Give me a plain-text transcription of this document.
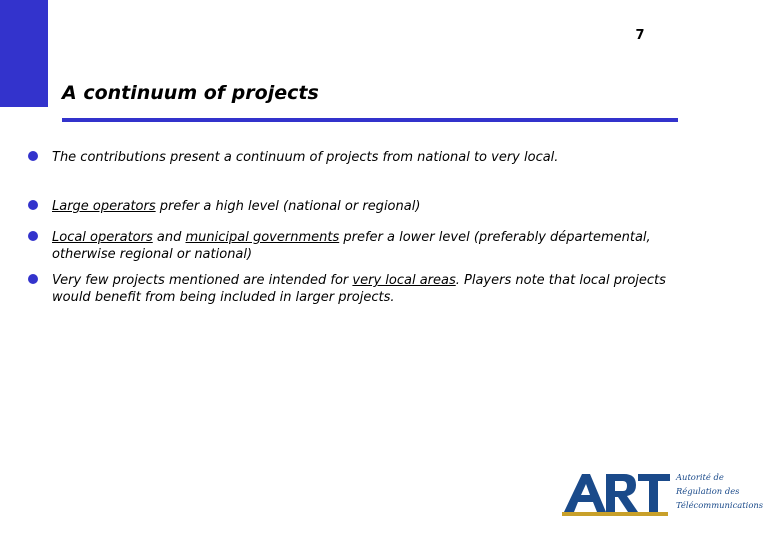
7
A continuum of projects

The contributions present a continuum of projects from national to very local.

Large operators prefer a high level (national or regional)

Local operators and municipal governments prefer a lower level (preferably départemental, otherwise regional or national)

Very few projects mentioned are intended for very local areas. Players note that local projects would benefit from being included in larger projects.

Autorité de
Régulation des
Télécommunications
